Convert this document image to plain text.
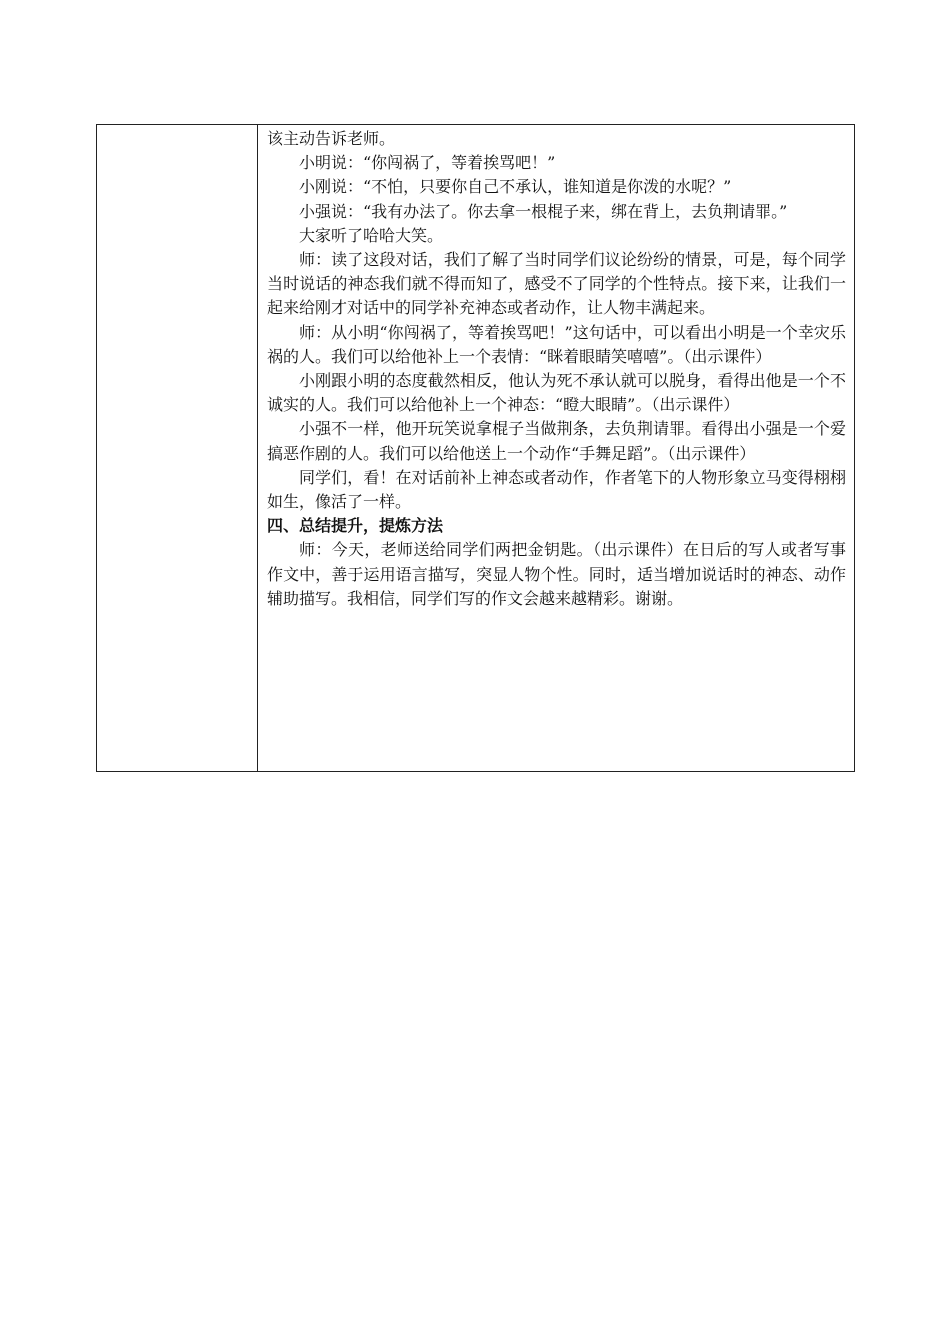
该主动告诉老师。

小明说：“你闯祸了，等着挨骂吧！”

小刚说：“不怕，只要你自己不承认，谁知道是你泼的水呢？”

小强说：“我有办法了。你去拿一根棍子来，绑在背上，去负荆请罪。”

大家听了哈哈大笑。

师：读了这段对话，我们了解了当时同学们议论纷纷的情景，可是，每个同学当时说话的神态我们就不得而知了，感受不了同学的个性特点。接下来，让我们一起来给刚才对话中的同学补充神态或者动作，让人物丰满起来。

师：从小明“你闯祸了，等着挨骂吧！”这句话中，可以看出小明是一个幸灾乐祸的人。我们可以给他补上一个表情：“眯着眼睛笑嘻嘻”。（出示课件）

小刚跟小明的态度截然相反，他认为死不承认就可以脱身，看得出他是一个不诚实的人。我们可以给他补上一个神态：“瞪大眼睛”。（出示课件）

小强不一样，他开玩笑说拿棍子当做荆条，去负荆请罪。看得出小强是一个爱搞恶作剧的人。我们可以给他送上一个动作“手舞足蹈”。（出示课件）

同学们，看！在对话前补上神态或者动作，作者笔下的人物形象立马变得栩栩如生，像活了一样。

四、总结提升，提炼方法

师：今天，老师送给同学们两把金钥匙。（出示课件）在日后的写人或者写事作文中，善于运用语言描写，突显人物个性。同时，适当增加说话时的神态、动作辅助描写。我相信，同学们写的作文会越来越精彩。谢谢。
